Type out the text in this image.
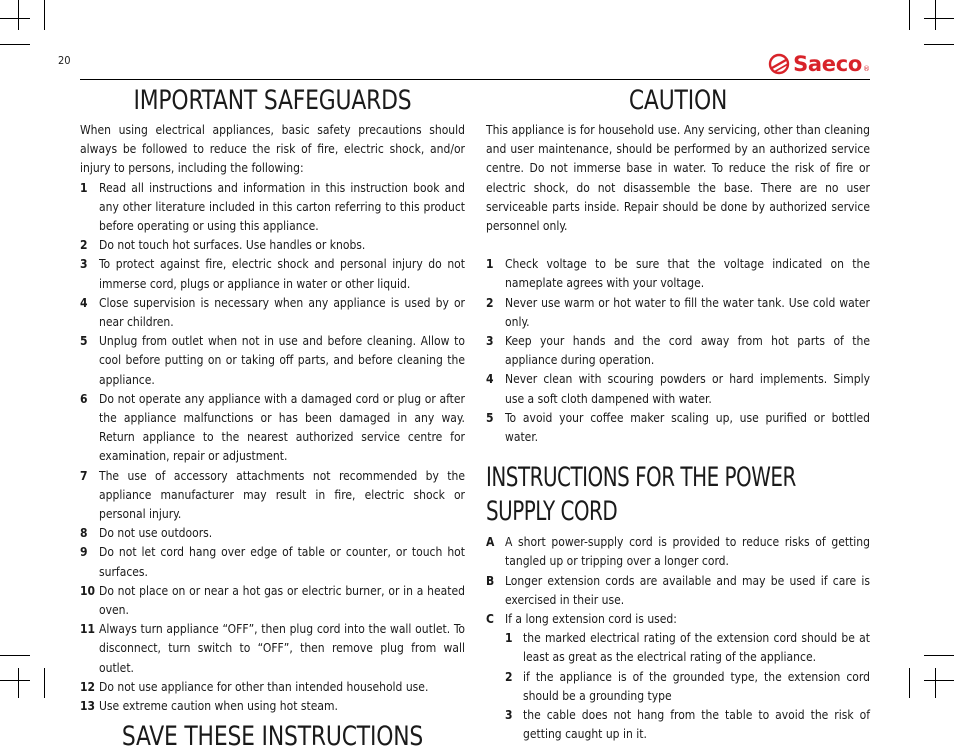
20	Saeco ®
IMPORTANT SAFEGUARDS

When using electrical appliances, basic safety precautions should always be followed to reduce the risk of fire, electric shock, and/or injury to persons, including the following:

1 Read all instructions and information in this instruction book and any other literature included in this carton referring to this product before operating or using this appliance.
2 Do not touch hot surfaces. Use handles or knobs.
3 To protect against fire, electric shock and personal injury do not immerse cord, plugs or appliance in water or other liquid.
4 Close supervision is necessary when any appliance is used by or near children.
5 Unplug from outlet when not in use and before cleaning. Allow to cool before putting on or taking off parts, and before cleaning the appliance.
6 Do not operate any appliance with a damaged cord or plug or after the appliance malfunctions or has been damaged in any way. Return appliance to the nearest authorized service centre for examination, repair or adjustment.
7 The use of accessory attachments not recommended by the appliance manufacturer may result in fire, electric shock or personal injury.
8 Do not use outdoors.
9 Do not let cord hang over edge of table or counter, or touch hot surfaces.
10 Do not place on or near a hot gas or electric burner, or in a heated oven.
11 Always turn appliance “OFF”, then plug cord into the wall outlet. To disconnect, turn switch to “OFF”, then remove plug from wall outlet.
12 Do not use appliance for other than intended household use.
13 Use extreme caution when using hot steam.
SAVE THESE INSTRUCTIONS
CAUTION

This appliance is for household use. Any servicing, other than cleaning and user maintenance, should be performed by an authorized service centre. Do not immerse base in water. To reduce the risk of fire or electric shock, do not disassemble the base. There are no user serviceable parts inside. Repair should be done by authorized service personnel only.

1 Check voltage to be sure that the voltage indicated on the nameplate agrees with your voltage.
2 Never use warm or hot water to fill the water tank. Use cold water only.
3 Keep your hands and the cord away from hot parts of the appliance during operation.
4 Never clean with scouring powders or hard implements. Simply use a soft cloth dampened with water.
5 To avoid your coffee maker scaling up, use purified or bottled water.
INSTRUCTIONS FOR THE POWER SUPPLY CORD
A A short power-supply cord is provided to reduce risks of getting tangled up or tripping over a longer cord.
B Longer extension cords are available and may be used if care is exercised in their use.
C If a long extension cord is used:
1 the marked electrical rating of the extension cord should be at least as great as the electrical rating of the appliance.
2 if the appliance is of the grounded type, the extension cord should be a grounding type
3 the cable does not hang from the table to avoid the risk of getting caught up in it.
